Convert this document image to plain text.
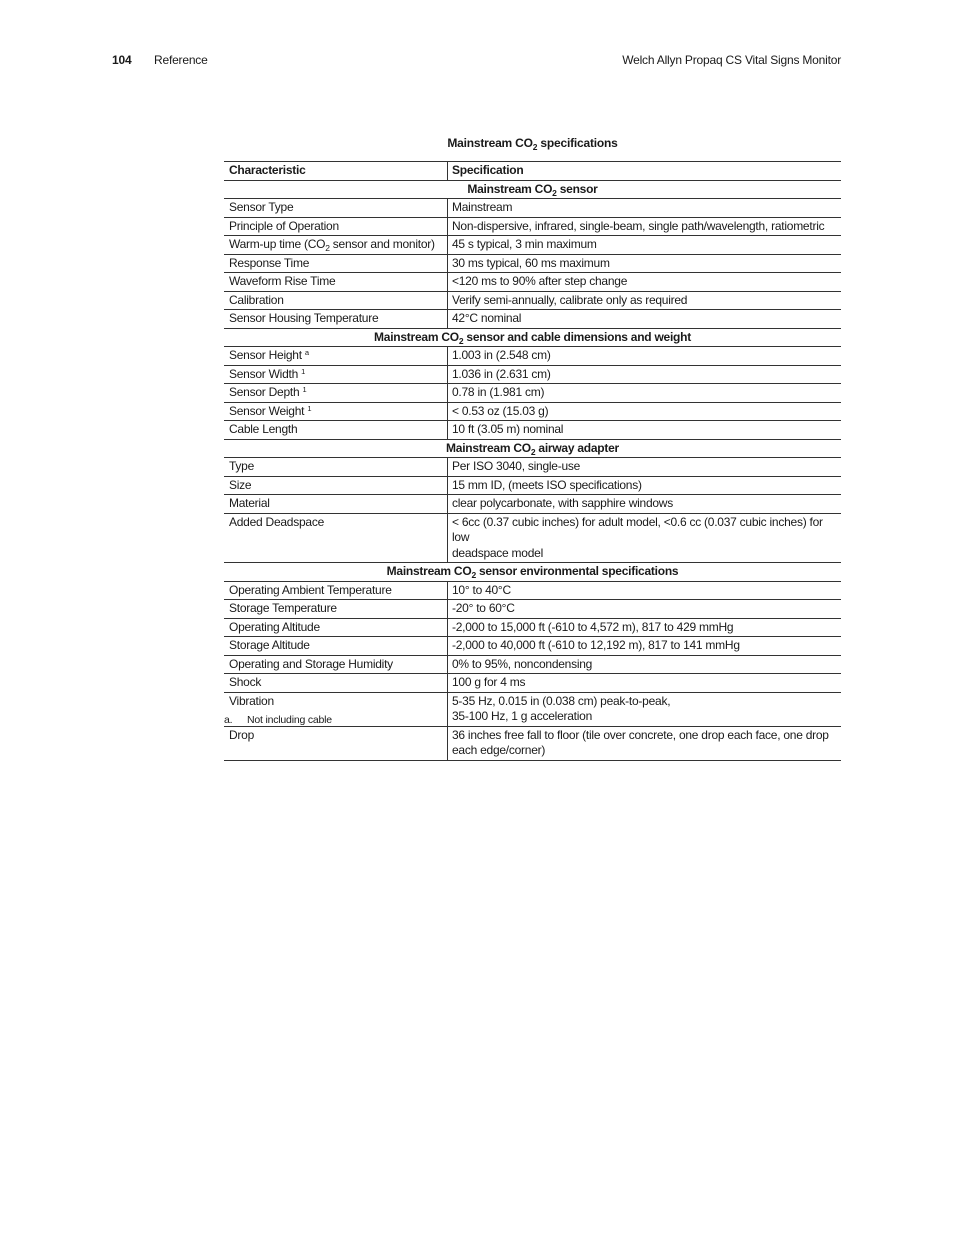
104 Reference	Welch Allyn Propaq CS Vital Signs Monitor
Mainstream $CO_2$ specifications
Characteristic	Specification
Mainstream $CO_2$ sensor	
Sensor Type	Mainstream

Principle of Operation	Non-dispersive, infrared, single-beam, single path/wavelength, ratiometric

Warm-up time ($CO_2$ sensor and monitor)	45 s typical, 3 min maximum

Response Time	30 ms typical, 60 ms maximum

Waveform Rise Time	<120 ms to 90% after step change

Calibration	Verify semi-annually, calibrate only as required

Sensor Housing Temperature	42°C nominal

Mainstream $CO_2$ sensor and cable dimensions and weight	
Sensor Height $^a$	1.003 in (2.548 cm)

Sensor Width $^1$	1.036 in (2.631 cm)

Sensor Depth $^1$	0.78 in (1.981 cm)

Sensor Weight $^1$	< 0.53 oz (15.03 g)

Cable Length	10 ft (3.05 m) nominal

Mainstream $CO_2$ airway adapter	
Type	Per ISO 3040, single-use

Size	15 mm ID, (meets ISO specifications)

Material	clear polycarbonate, with sapphire windows

Added Deadspace	< 6cc (0.37 cubic inches) for adult model, <0.6 cc (0.037 cubic inches) for low
deadspace model

Mainstream $CO_2$ sensor environmental specifications	
Operating Ambient Temperature	10° to 40°C

Storage Temperature	-20° to 60°C

Operating Altitude	-2,000 to 15,000 ft (-610 to 4,572 m), 817 to 429 mmHg

Storage Altitude	-2,000 to 40,000 ft (-610 to 12,192 m), 817 to 141 mmHg

Operating and Storage Humidity	0% to 95%, noncondensing

Shock	100 g for 4 ms

Vibration	5-35 Hz, 0.015 in (0.038 cm) peak-to-peak,
35-100 Hz, 1 g acceleration

Drop	36 inches free fall to floor (tile over concrete, one drop each face, one drop
each edge/corner)
a. Not including cable
